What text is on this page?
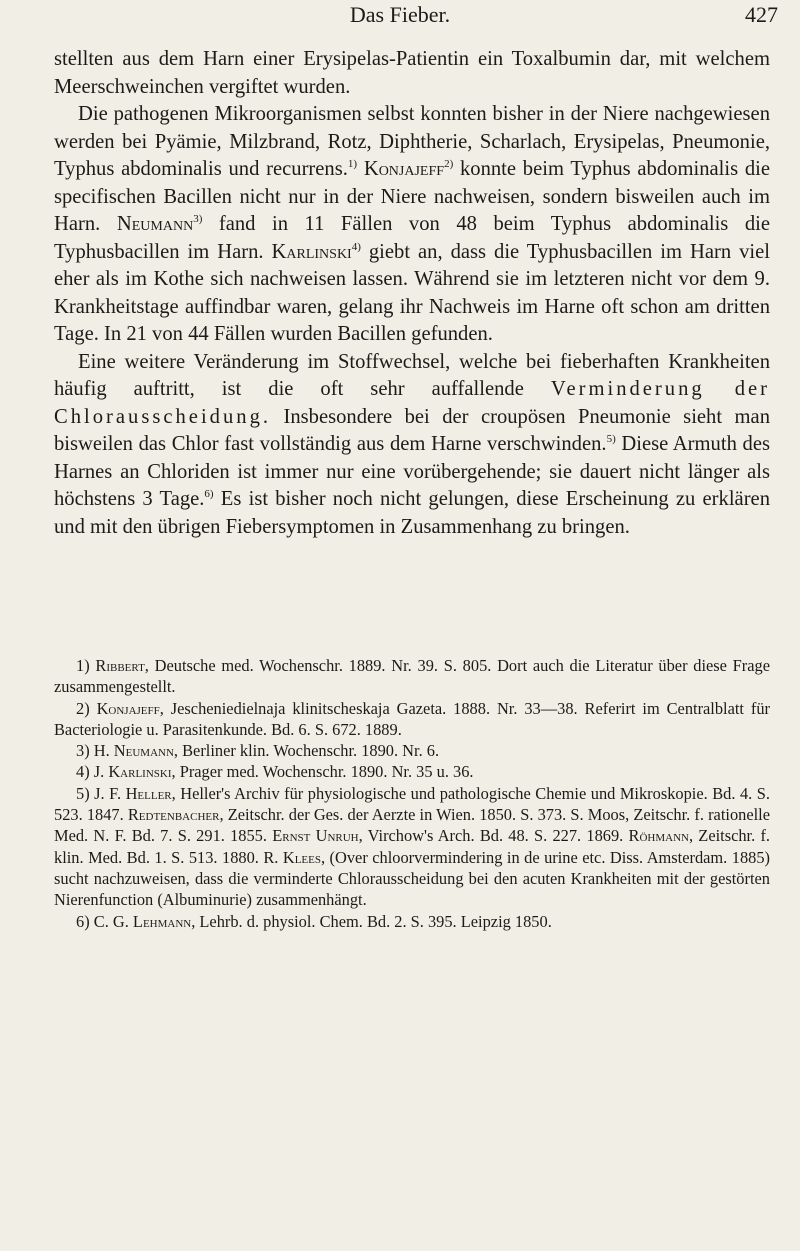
Das Fieber.	427

stellten aus dem Harn einer Erysipelas-Patientin ein Toxalbumin dar, mit welchem Meerschweinchen vergiftet wurden.

Die pathogenen Mikroorganismen selbst konnten bisher in der Niere nachgewiesen werden bei Pyämie, Milzbrand, Rotz, Diphtherie, Scharlach, Erysipelas, Pneumonie, Typhus abdominalis und recurrens.$^{1)}$ Konjajeff$^{2)}$ konnte beim Typhus abdominalis die specifischen Bacillen nicht nur in der Niere nachweisen, sondern bisweilen auch im Harn. Neumann$^{3)}$ fand in 11 Fällen von 48 beim Typhus abdominalis die Typhusbacillen im Harn. Karlinski$^{4)}$ giebt an, dass die Typhusbacillen im Harn viel eher als im Kothe sich nachweisen lassen. Während sie im letzteren nicht vor dem 9. Krankheitstage auffindbar waren, gelang ihr Nachweis im Harne oft schon am dritten Tage. In 21 von 44 Fällen wurden Bacillen gefunden.

Eine weitere Veränderung im Stoffwechsel, welche bei fieberhaften Krankheiten häufig auftritt, ist die oft sehr auffallende Verminderung der Chlorausscheidung. Insbesondere bei der croupösen Pneumonie sieht man bisweilen das Chlor fast vollständig aus dem Harne verschwinden.$^{5)}$ Diese Armuth des Harnes an Chloriden ist immer nur eine vorübergehende; sie dauert nicht länger als höchstens 3 Tage.$^{6)}$ Es ist bisher noch nicht gelungen, diese Erscheinung zu erklären und mit den übrigen Fiebersymptomen in Zusammenhang zu bringen.

1) Ribbert, Deutsche med. Wochenschr. 1889. Nr. 39. S. 805. Dort auch die Literatur über diese Frage zusammengestellt.

2) Konjajeff, Jescheniedielnaja klinitscheskaja Gazeta. 1888. Nr. 33—38. Referirt im Centralblatt für Bacteriologie u. Parasitenkunde. Bd. 6. S. 672. 1889.

3) H. Neumann, Berliner klin. Wochenschr. 1890. Nr. 6.

4) J. Karlinski, Prager med. Wochenschr. 1890. Nr. 35 u. 36.

5) J. F. Heller, Heller's Archiv für physiologische und pathologische Chemie und Mikroskopie. Bd. 4. S. 523. 1847. Redtenbacher, Zeitschr. der Ges. der Aerzte in Wien. 1850. S. 373. S. Moos, Zeitschr. f. rationelle Med. N. F. Bd. 7. S. 291. 1855. Ernst Unruh, Virchow's Arch. Bd. 48. S. 227. 1869. Röhmann, Zeitschr. f. klin. Med. Bd. 1. S. 513. 1880. R. Klees, (Over chloorvermindering in de urine etc. Diss. Amsterdam. 1885) sucht nachzuweisen, dass die verminderte Chlorausscheidung bei den acuten Krankheiten mit der gestörten Nierenfunction (Albuminurie) zusammenhängt.

6) C. G. Lehmann, Lehrb. d. physiol. Chem. Bd. 2. S. 395. Leipzig 1850.
